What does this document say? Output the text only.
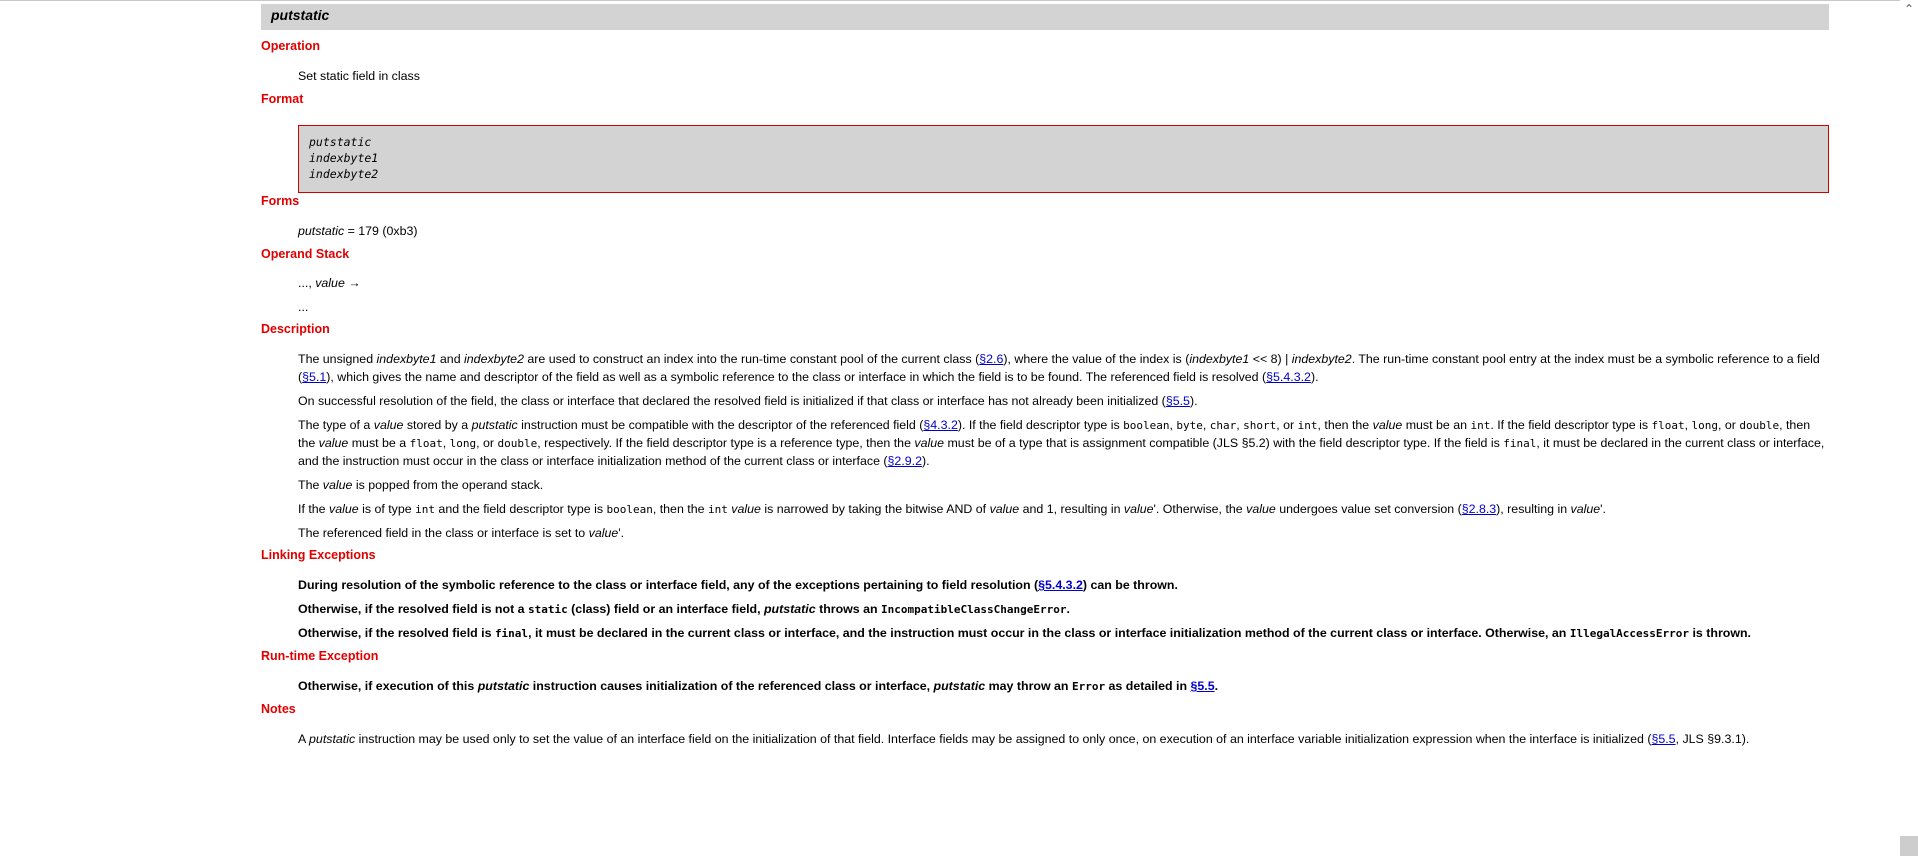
⌃
putstatic
Operation

Set static field in class

Format
putstatic
indexbyte1
indexbyte2
Forms

putstatic = 179 (0xb3)

Operand Stack

..., value →

...

Description

The unsigned indexbyte1 and indexbyte2 are used to construct an index into the run-time constant pool of the current class (§2.6), where the value of the index is (indexbyte1 << 8) | indexbyte2. The run-time constant pool entry at the index must be a symbolic reference to a field (§5.1), which gives the name and descriptor of the field as well as a symbolic reference to the class or interface in which the field is to be found. The referenced field is resolved (§5.4.3.2).

On successful resolution of the field, the class or interface that declared the resolved field is initialized if that class or interface has not already been initialized (§5.5).

The type of a value stored by a putstatic instruction must be compatible with the descriptor of the referenced field (§4.3.2). If the field descriptor type is boolean, byte, char, short, or int, then the value must be an int. If the field descriptor type is float, long, or double, then the value must be a float, long, or double, respectively. If the field descriptor type is a reference type, then the value must be of a type that is assignment compatible (JLS §5.2) with the field descriptor type. If the field is final, it must be declared in the current class or interface, and the instruction must occur in the class or interface initialization method of the current class or interface (§2.9.2).

The value is popped from the operand stack.

If the value is of type int and the field descriptor type is boolean, then the int value is narrowed by taking the bitwise AND of value and 1, resulting in value'. Otherwise, the value undergoes value set conversion (§2.8.3), resulting in value'.

The referenced field in the class or interface is set to value'.

Linking Exceptions

During resolution of the symbolic reference to the class or interface field, any of the exceptions pertaining to field resolution (§5.4.3.2) can be thrown.

Otherwise, if the resolved field is not a static (class) field or an interface field, putstatic throws an IncompatibleClassChangeError.

Otherwise, if the resolved field is final, it must be declared in the current class or interface, and the instruction must occur in the class or interface initialization method of the current class or interface. Otherwise, an IllegalAccessError is thrown.

Run-time Exception

Otherwise, if execution of this putstatic instruction causes initialization of the referenced class or interface, putstatic may throw an Error as detailed in §5.5.

Notes

A putstatic instruction may be used only to set the value of an interface field on the initialization of that field. Interface fields may be assigned to only once, on execution of an interface variable initialization expression when the interface is initialized (§5.5, JLS §9.3.1).
